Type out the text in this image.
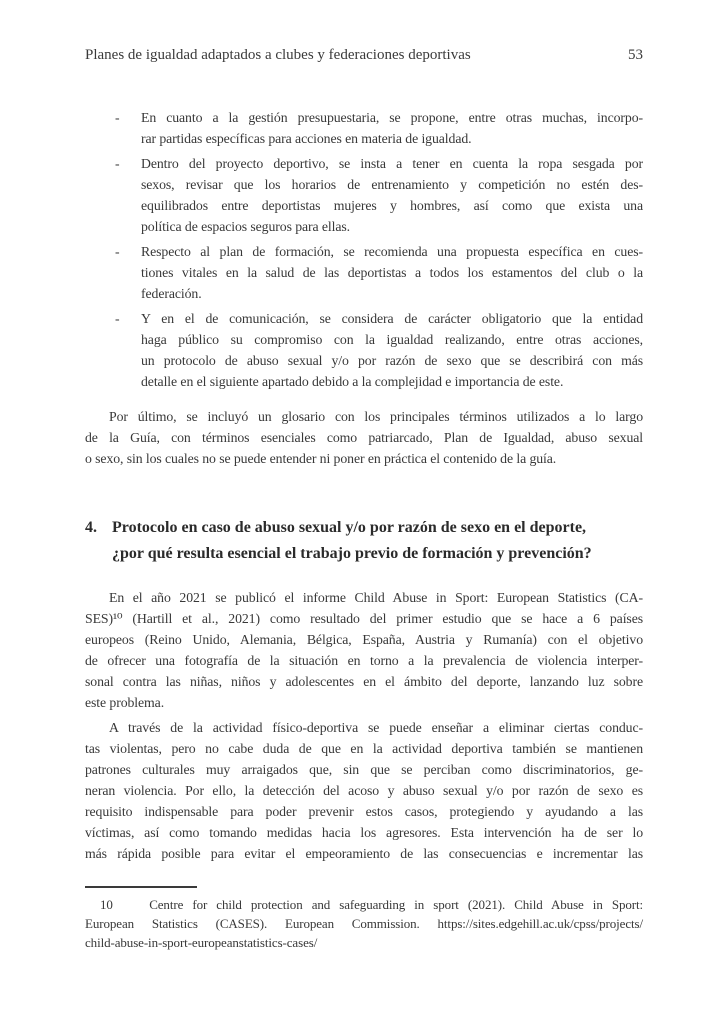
Planes de igualdad adaptados a clubes y federaciones deportivas	53
-	En cuanto a la gestión presupuestaria, se propone, entre otras muchas, incorpo-
rar partidas específicas para acciones en materia de igualdad.
-	Dentro del proyecto deportivo, se insta a tener en cuenta la ropa sesgada por
sexos, revisar que los horarios de entrenamiento y competición no estén des-
equilibrados entre deportistas mujeres y hombres, así como que exista una
política de espacios seguros para ellas.
-	Respecto al plan de formación, se recomienda una propuesta específica en cues-
tiones vitales en la salud de las deportistas a todos los estamentos del club o la
federación.
-	Y en el de comunicación, se considera de carácter obligatorio que la entidad
haga público su compromiso con la igualdad realizando, entre otras acciones,
un protocolo de abuso sexual y/o por razón de sexo que se describirá con más
detalle en el siguiente apartado debido a la complejidad e importancia de este.
Por último, se incluyó un glosario con los principales términos utilizados a lo largo
de la Guía, con términos esenciales como patriarcado, Plan de Igualdad, abuso sexual
o sexo, sin los cuales no se puede entender ni poner en práctica el contenido de la guía.
4. Protocolo en caso de abuso sexual y/o por razón de sexo en el deporte,
¿por qué resulta esencial el trabajo previo de formación y prevención?
En el año 2021 se publicó el informe Child Abuse in Sport: European Statistics (CA-
SES)¹⁰ (Hartill et al., 2021) como resultado del primer estudio que se hace a 6 países
europeos (Reino Unido, Alemania, Bélgica, España, Austria y Rumanía) con el objetivo
de ofrecer una fotografía de la situación en torno a la prevalencia de violencia interper-
sonal contra las niñas, niños y adolescentes en el ámbito del deporte, lanzando luz sobre
este problema.
A través de la actividad físico-deportiva se puede enseñar a eliminar ciertas conduc-
tas violentas, pero no cabe duda de que en la actividad deportiva también se mantienen
patrones culturales muy arraigados que, sin que se perciban como discriminatorios, ge-
neran violencia. Por ello, la detección del acoso y abuso sexual y/o por razón de sexo es
requisito indispensable para poder prevenir estos casos, protegiendo y ayudando a las
víctimas, así como tomando medidas hacia los agresores. Esta intervención ha de ser lo
más rápida posible para evitar el empeoramiento de las consecuencias e incrementar las
10    Centre for child protection and safeguarding in sport (2021). Child Abuse in Sport:
European Statistics (CASES). European Commission. https://sites.edgehill.ac.uk/cpss/projects/
child-abuse-in-sport-europeanstatistics-cases/
